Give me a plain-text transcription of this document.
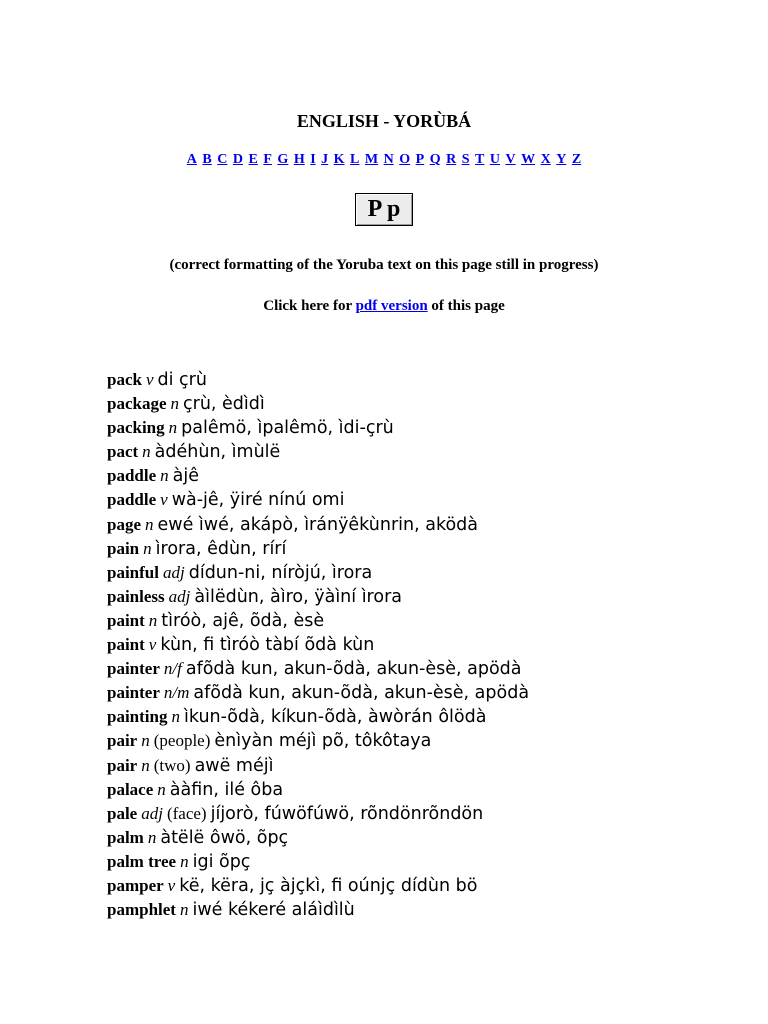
ENGLISH - YORÙBÁ
A B C D E F G H I J K L M N O P Q R S T U V W X Y Z
P p
(correct formatting of the Yoruba text on this page still in progress)
Click here for pdf version of this page
pack v di çrù
package n çrù, èdìdì
packing n palêmö, ìpalêmö, ìdi-çrù
pact n àdéhùn, ìmùlë
paddle n àjê
paddle v wà-jê, ÿiré nínú omi
page n ewé ìwé, akápò, ìránÿêkùnrin, aködà
pain n ìrora, êdùn, rírí
painful adj dídun-ni, níròjú, ìrora
painless adj àìlëdùn, àìro, ÿàìní ìrora
paint n tìróò, ajê, õdà, èsè
paint v kùn, fi tìróò tàbí õdà kùn
painter n/f afõdà kun, akun-õdà, akun-èsè, apödà
painter n/m afõdà kun, akun-õdà, akun-èsè, apödà
painting n ìkun-õdà, kíkun-õdà, àwòrán ôlödà
pair n (people) ènìyàn méjì põ, tôkôtaya
pair n (two) awë méjì
palace n ààfin, ilé ôba
pale adj (face) jíjorò, fúwöfúwö, rõndönrõndön
palm n àtëlë ôwö, õpç
palm tree n igi õpç
pamper v kë, këra, jç àjçkì, fi oúnjç dídùn bö
pamphlet n iwé kékeré aláìdìlù
